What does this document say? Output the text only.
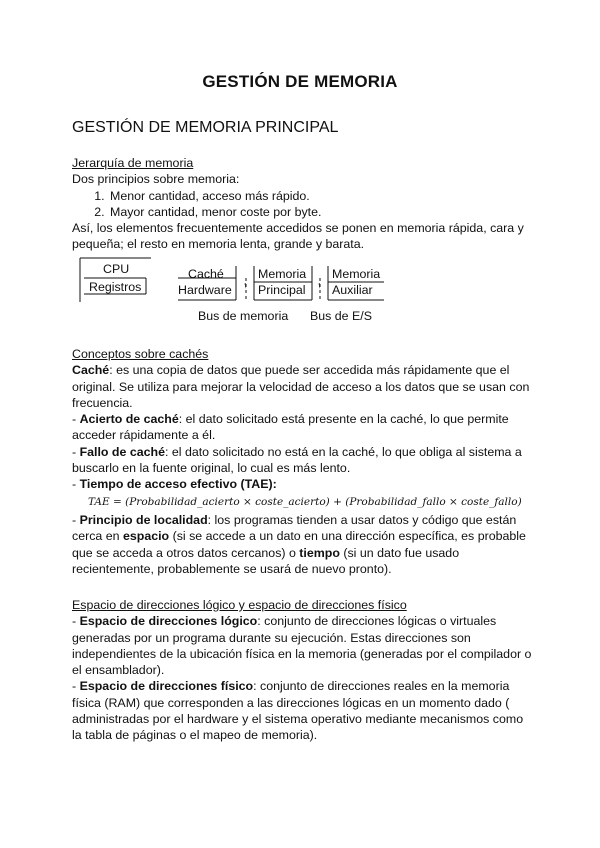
GESTIÓN DE MEMORIA
GESTIÓN DE MEMORIA PRINCIPAL
Jerarquía de memoria

Dos principios sobre memoria:

1. Menor cantidad, acceso más rápido.
2. Mayor cantidad, menor coste por byte.

Así, los elementos frecuentemente accedidos se ponen en memoria rápida, cara y pequeña; el resto en memoria lenta, grande y barata.

CPU
Registros
Caché
Hardware ↑
Memoria
Principal ↑
Memoria
Auxiliar
Bus de memoria Bus de E/S
Conceptos sobre cachés

Caché: es una copia de datos que puede ser accedida más rápidamente que el original. Se utiliza para mejorar la velocidad de acceso a los datos que se usan con frecuencia.

- Acierto de caché: el dato solicitado está presente en la caché, lo que permite acceder rápidamente a él.

- Fallo de caché: el dato solicitado no está en la caché, lo que obliga al sistema a buscarlo en la fuente original, lo cual es más lento.

- Tiempo de acceso efectivo (TAE):

TAE = (Probabilidad_acierto × coste_acierto) + (Probabilidad_fallo × coste_fallo)

- Principio de localidad: los programas tienden a usar datos y código que están cerca en espacio (si se accede a un dato en una dirección específica, es probable que se acceda a otros datos cercanos) o tiempo (si un dato fue usado recientemente, probablemente se usará de nuevo pronto).

Espacio de direcciones lógico y espacio de direcciones físico

- Espacio de direcciones lógico: conjunto de direcciones lógicas o virtuales generadas por un programa durante su ejecución. Estas direcciones son independientes de la ubicación física en la memoria (generadas por el compilador o el ensamblador).

- Espacio de direcciones físico: conjunto de direcciones reales en la memoria física (RAM) que corresponden a las direcciones lógicas en un momento dado ( administradas por el hardware y el sistema operativo mediante mecanismos como la tabla de páginas o el mapeo de memoria).
